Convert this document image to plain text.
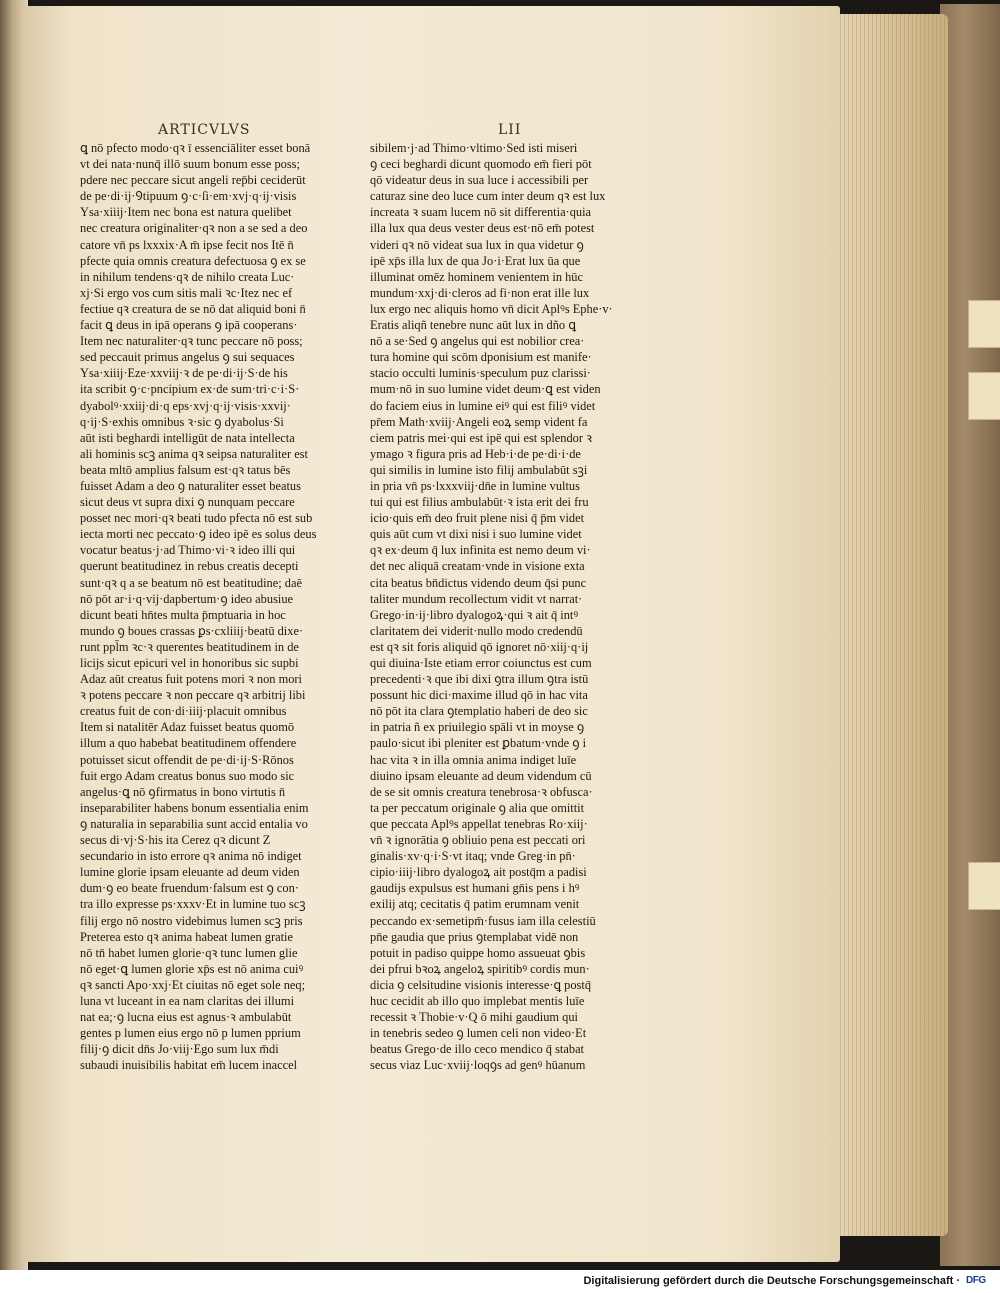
ARTICVLVS	LII
ꝗ nō pfecto modo·qꝛ ī essenciāliter esset bonā
vt dei nata·nunq̄ illō suum bonum esse poss;
pdere nec peccare sicut angeli rep̄bi ceciderūt
de pe·di·ij·Ꝯtipuum ꝯ·c·ſi·em·xvj·q·ij·visis
Ysa·xiiij·Item nec bona est natura quelibet
nec creatura originaliter·qꝛ non a se sed a deo
catore vn̄ ps lxxxix·A m̄ ipse fecit nos Itē n̄
pfecte quia omnis creatura defectuosa ꝯ ex se
in nihilum tendens·qꝛ de nihilo creata Luc·
xj·Si ergo vos cum sitis mali ꝛc·Itez nec ef
fectiue qꝛ creatura de se nō dat aliquid boni n̄
facit ꝗ deus in ipā operans ꝯ ipā cooperans·
Item nec naturaliter·qꝛ tunc peccare nō poss;
sed peccauit primus angelus ꝯ sui sequaces
Ysa·xiiij·Eze·xxviij·ꝛ de pe·di·ij·S·de his
ita scribit ꝯ·c·pncipium ex·de sum·tri·c·i·S·
dyabolꝰ·xxiij·di·q eps·xvj·q·ij·visis·xxvij·
q·ij·S·exhis omnibus ꝛ·sic ꝯ dyabolus·Si
aūt isti beghardi intelligūt de nata intellecta
ali hominis scꝫ anima qꝛ seipsa naturaliter est
beata mltō amplius falsum est·qꝛ tatus bēs
fuisset Adam a deo ꝯ naturaliter esset beatus
sicut deus vt supra dixi ꝯ nunquam peccare
posset nec mori·qꝛ beati tudo pfecta nō est sub
iecta morti nec peccato·ꝯ ideo ipē es solus deus
vocatur beatus·j·ad Thimo·vi·ꝛ ideo illi qui
querunt beatitudinez in rebus creatis decepti
sunt·qꝛ q a se beatum nō est beatitudine; daē
nō pōt ar·i·q·vij·dapbertum·ꝯ ideo abusiue
dicunt beati hn̄tes multa p̄mptuaria in hoc
mundo ꝯ boues crassas ꝑs·cxliiij·beatū dixe·
runt ppl̄m ꝛc·ꝛ querentes beatitudinem in de
licijs sicut epicuri vel in honoribus sic supbi
Adaz aūt creatus fuit potens mori ꝛ non mori
ꝛ potens peccare ꝛ non peccare qꝛ arbitrij libi
creatus fuit de con·di·iiij·placuit omnibus
Item si natalitēr Adaz fuisset beatus quomō
illum a quo habebat beatitudinem offendere
potuisset sicut offendit de pe·di·ij·S·Rōnos
fuit ergo Adam creatus bonus suo modo sic
angelus·ꝗ nō ꝯfirmatus in bono virtutis n̄
inseparabiliter habens bonum essentialia enim
ꝯ naturalia in separabilia sunt accid entalia vo
secus di·vj·S·his ita Cerez qꝛ dicunt Z
secundario in isto errore qꝛ anima nō indiget
lumine glorie ipsam eleuante ad deum viden
dum·ꝯ eo beate fruendum·falsum est ꝯ con·
tra illo expresse ps·xxxv·Et in lumine tuo scꝫ
filij ergo nō nostro videbimus lumen scꝫ pris
Preterea esto qꝛ anima habeat lumen gratie
nō tn̄ habet lumen glorie·qꝛ tunc lumen glie
nō eget·ꝗ lumen glorie xp̄s est nō anima cuiꝰ
qꝛ sancti Apo·xxj·Et ciuitas nō eget sole neq;
luna vt luceant in ea nam claritas dei illumi
nat ea;·ꝯ lucna eius est agnus·ꝛ ambulabūt
gentes p lumen eius ergo nō p lumen pprium
filij·ꝯ dicit dn̄s Jo·viij·Ego sum lux m̄di
subaudi inuisibilis habitat em̄ lucem inaccel
sibilem·j·ad Thimo·vltimo·Sed isti miseri
ꝯ ceci beghardi dicunt quomodo em̄ fieri pōt
qō videatur deus in sua luce i accessibili per
caturaz sine deo luce cum inter deum qꝛ est lux
increata ꝛ suam lucem nō sit differentia·quia
illa lux qua deus vester deus est·nō em̄ potest
videri qꝛ nō videat sua lux in qua videtur ꝯ
ipē xp̄s illa lux de qua Jo·i·Erat lux ūa que
illuminat omēz hominem venientem in hūc
mundum·xxj·di·cleros ad fi·non erat ille lux
lux ergo nec aliquis homo vn̄ dicit Aplꝰs Ephe·v·
Eratis aliqñ tenebre nunc aūt lux in dño ꝗ
nō a se·Sed ꝯ angelus qui est nobilior crea·
tura homine qui scōm dponisium est manife·
stacio occulti luminis·speculum puz clarissi·
mum·nō in suo lumine videt deum·ꝗ est viden
do faciem eius in lumine eiꝰ qui est filiꝰ videt
pr̄em Math·xviij·Angeli eoꝝ semp vident fa
ciem patris mei·qui est ipē qui est splendor ꝛ
ymago ꝛ figura pris ad Heb·i·de pe·di·i·de
qui similis in lumine isto filij ambulabūt sꝫi
in pria vn̄ ps·lxxxviij·dn̄e in lumine vultus
tui qui est filius ambulabūt·ꝛ ista erit dei fru
icio·quis em̄ deo fruit plene nisi q̄ p̄m videt
quis aūt cum vt dixi nisi i suo lumine videt
qꝛ ex·deum q̄ lux infinita est nemo deum vi·
det nec aliquā creatam·vnde in visione exta
cita beatus bn̄dictus videndo deum q̄si punc
taliter mundum recollectum vidit vt narrat·
Grego·in·ij·libro dyalogoꝝ·qui ꝛ ait q̄ intꝰ
claritatem dei viderit·nullo modo credendū
est qꝛ sit foris aliquid qō ignoret nō·xiij·q·ij
qui diuina·Iste etiam error coiunctus est cum
precedenti·ꝛ que ibi dixi ꝯtra illum ꝯtra istū
possunt hic dici·maxime illud qō in hac vita
nō pōt ita clara ꝯtemplatio haberi de deo sic
in patria ñ ex priuilegio spāli vt in moyse ꝯ
paulo·sicut ibi pleniter est ꝑbatum·vnde ꝯ i
hac vita ꝛ in illa omnia anima indiget luīe
diuino ipsam eleuante ad deum videndum cū
de se sit omnis creatura tenebrosa·ꝛ obfusca·
ta per peccatum originale ꝯ alia que omittit
que peccata Aplꝰs appellat tenebras Ro·xiij·
vn̄ ꝛ ignorātia ꝯ obliuio pena est peccati ori
ginalis·xv·q·i·S·vt itaq; vnde Greg·in pn̄·
cipio·iiij·libro dyalogoꝝ ait postq̄m a padisi
gaudijs expulsus est humani gn̄is pens i hꝰ
exilij atq; cecitatis q̄ patim erumnam venit
peccando ex·semetipm̄·fusus iam illa celestiū
pn̄e gaudia que prius ꝯtemplabat vidē non
potuit in padiso quippe homo assueuat ꝯbis
dei pfrui bꝛoꝝ angeloꝝ spiritibꝰ cordis mun·
dicia ꝯ celsitudine visionis interesse·ꝗ postq̄
huc cecidit ab illo quo implebat mentis luīe
recessit ꝛ Thobie·v·Q ō mihi gaudium qui
in tenebris sedeo ꝯ lumen celi non video·Et
beatus Grego·de illo ceco mendico q̄ stabat
secus viaz Luc·xviij·loqꝯs ad genꝰ hūanum
Digitalisierung gefördert durch die Deutsche Forschungsgemeinschaft · DFG
